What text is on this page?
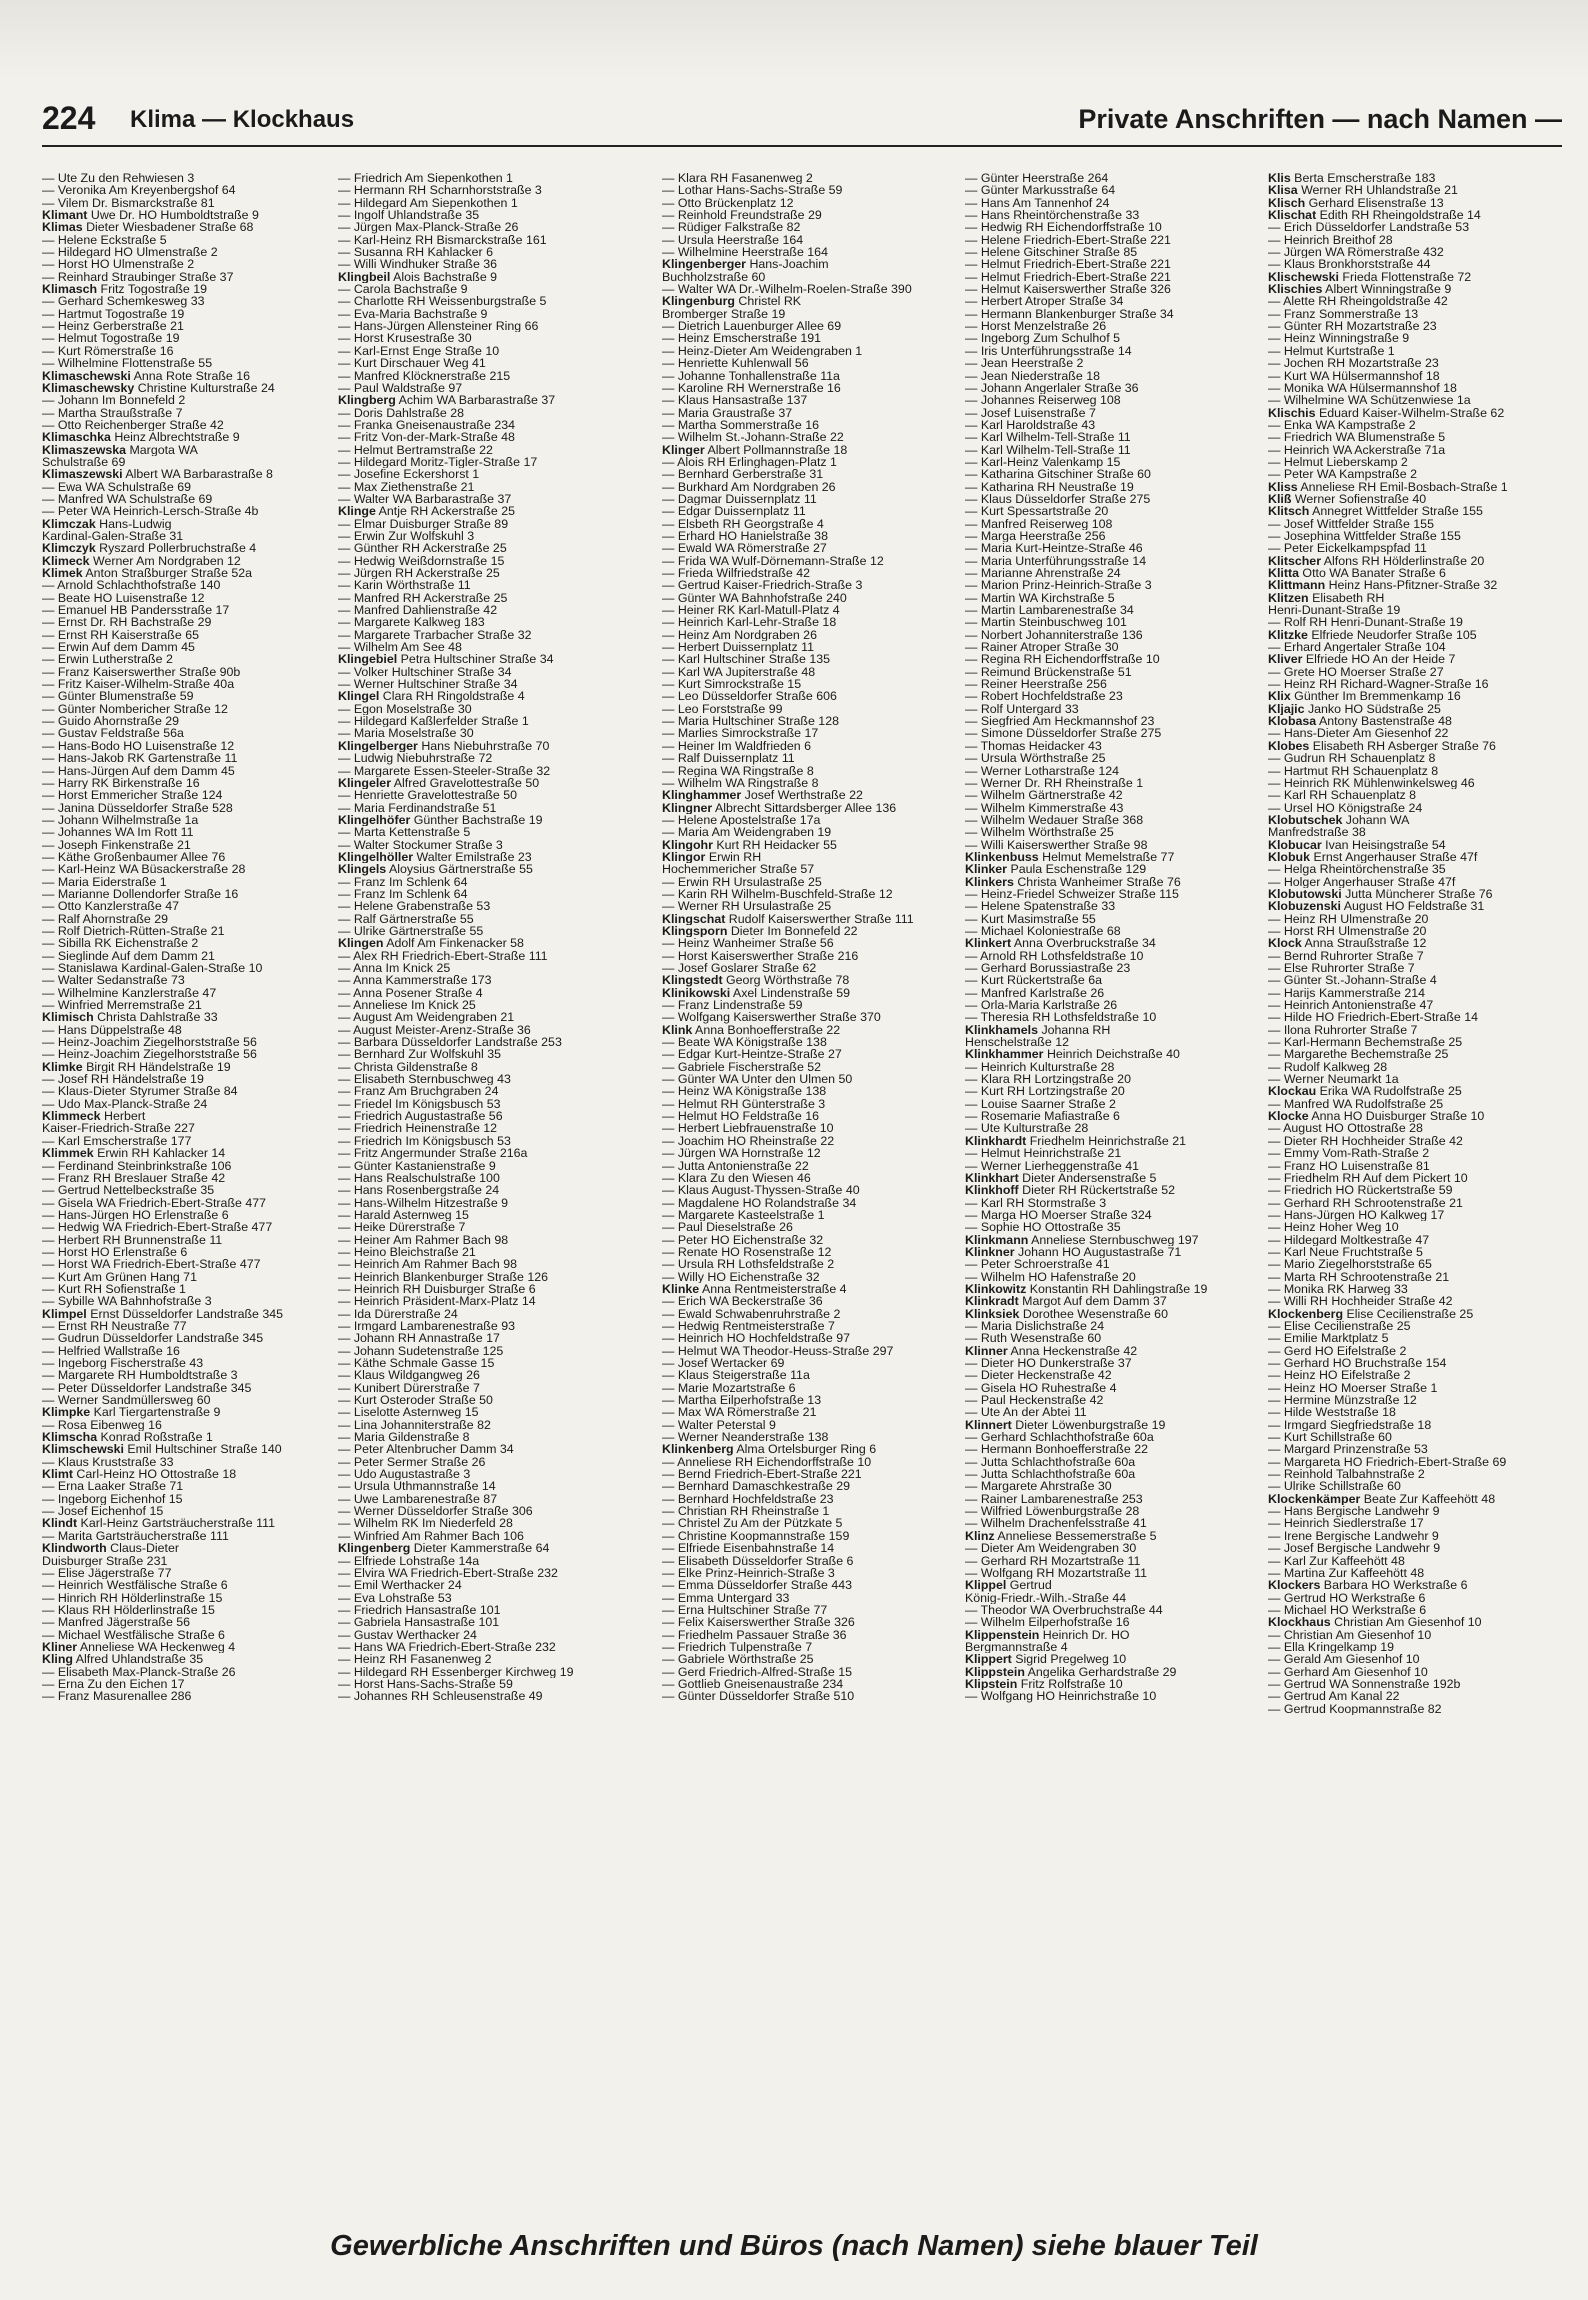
224 Klima — Klockhaus	Private Anschriften — nach Namen —
— Ute Zu den Rehwiesen 3
— Veronika Am Kreyenbergshof 64
— Vilem Dr. Bismarckstraße 81
Klimant Uwe Dr. HO Humboldtstraße 9
Klimas Dieter Wiesbadener Straße 68
— Helene Eckstraße 5
— Hildegard HO Ulmenstraße 2
— Horst HO Ulmenstraße 2
— Reinhard Straubinger Straße 37
Klimasch Fritz Togostraße 19
— Gerhard Schemkesweg 33
— Hartmut Togostraße 19
— Heinz Gerberstraße 21
— Helmut Togostraße 19
— Kurt Römerstraße 16
— Wilhelmine Flottenstraße 55
Klimaschewski Anna Rote Straße 16
Klimaschewsky Christine Kulturstraße 24
— Johann Im Bonnefeld 2
— Martha Straußstraße 7
— Otto Reichenberger Straße 42
Klimaschka Heinz Albrechtstraße 9
Klimaszewska Margota WA
Schulstraße 69
Klimaszewski Albert WA Barbarastraße 8
— Ewa WA Schulstraße 69
— Manfred WA Schulstraße 69
— Peter WA Heinrich-Lersch-Straße 4b
Klimczak Hans-Ludwig
Kardinal-Galen-Straße 31
Klimczyk Ryszard Pollerbruchstraße 4
Klimeck Werner Am Nordgraben 12
Klimek Anton Straßburger Straße 52a
— Arnold Schlachthofstraße 140
— Beate HO Luisenstraße 12
— Emanuel HB Pandersstraße 17
— Ernst Dr. RH Bachstraße 29
— Ernst RH Kaiserstraße 65
— Erwin Auf dem Damm 45
— Erwin Lutherstraße 2
— Franz Kaiserswerther Straße 90b
— Fritz Kaiser-Wilhelm-Straße 40a
— Günter Blumenstraße 59
— Günter Nombericher Straße 12
— Guido Ahornstraße 29
— Gustav Feldstraße 56a
— Hans-Bodo HO Luisenstraße 12
— Hans-Jakob RK Gartenstraße 11
— Hans-Jürgen Auf dem Damm 45
— Harry RK Birkenstraße 16
— Horst Emmericher Straße 124
— Janina Düsseldorfer Straße 528
— Johann Wilhelmstraße 1a
— Johannes WA Im Rott 11
— Joseph Finkenstraße 21
— Käthe Großenbaumer Allee 76
— Karl-Heinz WA Büsackerstraße 28
— Maria Eiderstraße 1
— Marianne Dollendorfer Straße 16
— Otto Kanzlerstraße 47
— Ralf Ahornstraße 29
— Rolf Dietrich-Rütten-Straße 21
— Sibilla RK Eichenstraße 2
— Sieglinde Auf dem Damm 21
— Stanislawa Kardinal-Galen-Straße 10
— Walter Sedanstraße 73
— Wilhelmine Kanzlerstraße 47
— Winfried Merremstraße 21
Klimisch Christa Dahlstraße 33
— Hans Düppelstraße 48
— Heinz-Joachim Ziegelhorststraße 56
— Heinz-Joachim Ziegelhorststraße 56
Klimke Birgit RH Händelstraße 19
— Josef RH Händelstraße 19
— Klaus-Dieter Styrumer Straße 84
— Udo Max-Planck-Straße 24
Klimmeck Herbert
Kaiser-Friedrich-Straße 227
— Karl Emscherstraße 177
Klimmek Erwin RH Kahlacker 14
— Ferdinand Steinbrinkstraße 106
— Franz RH Breslauer Straße 42
— Gertrud Nettelbeckstraße 35
— Gisela WA Friedrich-Ebert-Straße 477
— Hans-Jürgen HO Erlenstraße 6
— Hedwig WA Friedrich-Ebert-Straße 477
— Herbert RH Brunnenstraße 11
— Horst HO Erlenstraße 6
— Horst WA Friedrich-Ebert-Straße 477
— Kurt Am Grünen Hang 71
— Kurt RH Sofienstraße 1
— Sybille WA Bahnhofstraße 3
Klimpel Ernst Düsseldorfer Landstraße 345
— Ernst RH Neustraße 77
— Gudrun Düsseldorfer Landstraße 345
— Helfried Wallstraße 16
— Ingeborg Fischerstraße 43
— Margarete RH Humboldtstraße 3
— Peter Düsseldorfer Landstraße 345
— Werner Sandmüllersweg 60
Klimpke Karl Tiergartenstraße 9
— Rosa Eibenweg 16
Klimscha Konrad Roßstraße 1
Klimschewski Emil Hultschiner Straße 140
— Klaus Kruststraße 33
Klimt Carl-Heinz HO Ottostraße 18
— Erna Laaker Straße 71
— Ingeborg Eichenhof 15
— Josef Eichenhof 15
Klindt Karl-Heinz Gartsträucherstraße 111
— Marita Gartsträucherstraße 111
Klindworth Claus-Dieter
Duisburger Straße 231
— Elise Jägerstraße 77
— Heinrich Westfälische Straße 6
— Hinrich RH Hölderlinstraße 15
— Klaus RH Hölderlinstraße 15
— Manfred Jägerstraße 56
— Michael Westfälische Straße 6
Kliner Anneliese WA Heckenweg 4
Kling Alfred Uhlandstraße 35
— Elisabeth Max-Planck-Straße 26
— Erna Zu den Eichen 17
— Franz Masurenallee 286
— Friedrich Am Siepenkothen 1
— Hermann RH Scharnhorststraße 3
— Hildegard Am Siepenkothen 1
— Ingolf Uhlandstraße 35
— Jürgen Max-Planck-Straße 26
— Karl-Heinz RH Bismarckstraße 161
— Susanna RH Kahlacker 6
— Willi Windhuker Straße 36
Klingbeil Alois Bachstraße 9
— Carola Bachstraße 9
— Charlotte RH Weissenburgstraße 5
— Eva-Maria Bachstraße 9
— Hans-Jürgen Allensteiner Ring 66
— Horst Krusestraße 30
— Karl-Ernst Enge Straße 10
— Kurt Dirschauer Weg 41
— Manfred Klöcknerstraße 215
— Paul Waldstraße 97
Klingberg Achim WA Barbarastraße 37
— Doris Dahlstraße 28
— Franka Gneisenaustraße 234
— Fritz Von-der-Mark-Straße 48
— Helmut Bertramstraße 22
— Hildegard Moritz-Tigler-Straße 17
— Josefine Eckershorst 1
— Max Ziethenstraße 21
— Walter WA Barbarastraße 37
Klinge Antje RH Ackerstraße 25
— Elmar Duisburger Straße 89
— Erwin Zur Wolfskuhl 3
— Günther RH Ackerstraße 25
— Hedwig Weißdornstraße 15
— Jürgen RH Ackerstraße 25
— Karin Wörthstraße 11
— Manfred RH Ackerstraße 25
— Manfred Dahlienstraße 42
— Margarete Kalkweg 183
— Margarete Trarbacher Straße 32
— Wilhelm Am See 48
Klingebiel Petra Hultschiner Straße 34
— Volker Hultschiner Straße 34
— Werner Hultschiner Straße 34
Klingel Clara RH Ringoldstraße 4
— Egon Moselstraße 30
— Hildegard Kaßlerfelder Straße 1
— Maria Moselstraße 30
Klingelberger Hans Niebuhrstraße 70
— Ludwig Niebuhrstraße 72
— Margarete Essen-Steeler-Straße 32
Klingeler Alfred Gravelottestraße 50
— Henriette Gravelottestraße 50
— Maria Ferdinandstraße 51
Klingelhöfer Günther Bachstraße 19
— Marta Kettenstraße 5
— Walter Stockumer Straße 3
Klingelhöller Walter Emilstraße 23
Klingels Aloysius Gärtnerstraße 55
— Franz Im Schlenk 64
— Franz Im Schlenk 64
— Helene Grabenstraße 53
— Ralf Gärtnerstraße 55
— Ulrike Gärtnerstraße 55
Klingen Adolf Am Finkenacker 58
— Alex RH Friedrich-Ebert-Straße 111
— Anna Im Knick 25
— Anna Kammerstraße 173
— Anna Posener Straße 4
— Anneliese Im Knick 25
— August Am Weidengraben 21
— August Meister-Arenz-Straße 36
— Barbara Düsseldorfer Landstraße 253
— Bernhard Zur Wolfskuhl 35
— Christa Gildenstraße 8
— Elisabeth Sternbuschweg 43
— Franz Am Bruchgraben 24
— Friedel Im Königsbusch 53
— Friedrich Augustastraße 56
— Friedrich Heinenstraße 12
— Friedrich Im Königsbusch 53
— Fritz Angermunder Straße 216a
— Günter Kastanienstraße 9
— Hans Realschulstraße 100
— Hans Rosenbergstraße 24
— Hans-Wilhelm Hitzestraße 9
— Harald Asternweg 15
— Heike Dürerstraße 7
— Heiner Am Rahmer Bach 98
— Heino Bleichstraße 21
— Heinrich Am Rahmer Bach 98
— Heinrich Blankenburger Straße 126
— Heinrich RH Duisburger Straße 6
— Heinrich Präsident-Marx-Platz 14
— Ida Dürerstraße 24
— Irmgard Lambarenestraße 93
— Johann RH Annastraße 17
— Johann Sudetenstraße 125
— Käthe Schmale Gasse 15
— Klaus Wildgangweg 26
— Kunibert Dürerstraße 7
— Kurt Osteroder Straße 50
— Liselotte Asternweg 15
— Lina Johanniterstraße 82
— Maria Gildenstraße 8
— Peter Altenbrucher Damm 34
— Peter Sermer Straße 26
— Udo Augustastraße 3
— Ursula Uthmannstraße 14
— Uwe Lambarenestraße 87
— Werner Düsseldorfer Straße 306
— Wilhelm RK Im Niederfeld 28
— Winfried Am Rahmer Bach 106
Klingenberg Dieter Kammerstraße 64
— Elfriede Lohstraße 14a
— Elvira WA Friedrich-Ebert-Straße 232
— Emil Werthacker 24
— Eva Lohstraße 53
— Friedrich Hansastraße 101
— Gabriela Hansastraße 101
— Gustav Werthacker 24
— Hans WA Friedrich-Ebert-Straße 232
— Heinz RH Fasanenweg 2
— Hildegard RH Essenberger Kirchweg 19
— Horst Hans-Sachs-Straße 59
— Johannes RH Schleusenstraße 49
— Klara RH Fasanenweg 2
— Lothar Hans-Sachs-Straße 59
— Otto Brückenplatz 12
— Reinhold Freundstraße 29
— Rüdiger Falkstraße 82
— Ursula Heerstraße 164
— Wilhelmine Heerstraße 164
Klingenberger Hans-Joachim
Buchholzstraße 60
— Walter WA Dr.-Wilhelm-Roelen-Straße 390
Klingenburg Christel RK
Bromberger Straße 19
— Dietrich Lauenburger Allee 69
— Heinz Emscherstraße 191
— Heinz-Dieter Am Weidengraben 1
— Henriette Kuhlenwall 56
— Johanne Tonhallenstraße 11a
— Karoline RH Wernerstraße 16
— Klaus Hansastraße 137
— Maria Graustraße 37
— Martha Sommerstraße 16
— Wilhelm St.-Johann-Straße 22
Klinger Albert Pollmannstraße 18
— Alois RH Erlinghagen-Platz 1
— Bernhard Gerberstraße 31
— Burkhard Am Nordgraben 26
— Dagmar Duissernplatz 11
— Edgar Duissernplatz 11
— Elsbeth RH Georgstraße 4
— Erhard HO Hanielstraße 38
— Ewald WA Römerstraße 27
— Frida WA Wulf-Dörnemann-Straße 12
— Frieda Wilfriedstraße 42
— Gertrud Kaiser-Friedrich-Straße 3
— Günter WA Bahnhofstraße 240
— Heiner RK Karl-Matull-Platz 4
— Heinrich Karl-Lehr-Straße 18
— Heinz Am Nordgraben 26
— Herbert Duissernplatz 11
— Karl Hultschiner Straße 135
— Karl WA Jupiterstraße 48
— Kurt Simrockstraße 15
— Leo Düsseldorfer Straße 606
— Leo Forststraße 99
— Maria Hultschiner Straße 128
— Marlies Simrockstraße 17
— Heiner Im Waldfrieden 6
— Ralf Duissernplatz 11
— Regina WA Ringstraße 8
— Wilhelm WA Ringstraße 8
Klinghammer Josef Werthstraße 22
Klingner Albrecht Sittardsberger Allee 136
— Helene Apostelstraße 17a
— Maria Am Weidengraben 19
Klingohr Kurt RH Heidacker 55
Klingor Erwin RH
Hochemmericher Straße 57
— Erwin RH Ursulastraße 25
— Karin RH Wilhelm-Buschfeld-Straße 12
— Werner RH Ursulastraße 25
Klingschat Rudolf Kaiserswerther Straße 111
Klingsporn Dieter Im Bonnefeld 22
— Heinz Wanheimer Straße 56
— Horst Kaiserswerther Straße 216
— Josef Goslarer Straße 62
Klingstedt Georg Wörthstraße 78
Klinikowski Axel Lindenstraße 59
— Franz Lindenstraße 59
— Wolfgang Kaiserswerther Straße 370
Klink Anna Bonhoefferstraße 22
— Beate WA Königstraße 138
— Edgar Kurt-Heintze-Straße 27
— Gabriele Fischerstraße 52
— Günter WA Unter den Ulmen 50
— Heinz WA Königstraße 138
— Helmut RH Günterstraße 3
— Helmut HO Feldstraße 16
— Herbert Liebfrauenstraße 10
— Joachim HO Rheinstraße 22
— Jürgen WA Hornstraße 12
— Jutta Antonienstraße 22
— Klara Zu den Wiesen 46
— Klaus August-Thyssen-Straße 40
— Magdalene HO Rolandstraße 34
— Margarete Kasteelstraße 1
— Paul Dieselstraße 26
— Peter HO Eichenstraße 32
— Renate HO Rosenstraße 12
— Ursula RH Lothsfeldstraße 2
— Willy HO Eichenstraße 32
Klinke Anna Rentmeisterstraße 4
— Erich WA Beckerstraße 36
— Ewald Schwabenruhrstraße 2
— Hedwig Rentmeisterstraße 7
— Heinrich HO Hochfeldstraße 97
— Helmut WA Theodor-Heuss-Straße 297
— Josef Wertacker 69
— Klaus Steigerstraße 11a
— Marie Mozartstraße 6
— Martha Eilperhofstraße 13
— Max WA Römerstraße 21
— Walter Peterstal 9
— Werner Neanderstraße 138
Klinkenberg Alma Ortelsburger Ring 6
— Anneliese RH Eichendorffstraße 10
— Bernd Friedrich-Ebert-Straße 221
— Bernhard Damaschkestraße 29
— Bernhard Hochfeldstraße 23
— Christian RH Rheinstraße 1
— Christel Zu Am der Pützkate 5
— Christine Koopmannstraße 159
— Elfriede Eisenbahnstraße 14
— Elisabeth Düsseldorfer Straße 6
— Elke Prinz-Heinrich-Straße 3
— Emma Düsseldorfer Straße 443
— Emma Untergard 33
— Erna Hultschiner Straße 77
— Felix Kaiserswerther Straße 326
— Friedhelm Passauer Straße 36
— Friedrich Tulpenstraße 7
— Gabriele Wörthstraße 25
— Gerd Friedrich-Alfred-Straße 15
— Gottlieb Gneisenaustraße 234
— Günter Düsseldorfer Straße 510
— Günter Heerstraße 264
— Günter Markusstraße 64
— Hans Am Tannenhof 24
— Hans Rheintörchenstraße 33
— Hedwig RH Eichendorffstraße 10
— Helene Friedrich-Ebert-Straße 221
— Helene Gitschiner Straße 85
— Helmut Friedrich-Ebert-Straße 221
— Helmut Friedrich-Ebert-Straße 221
— Helmut Kaiserswerther Straße 326
— Herbert Atroper Straße 34
— Hermann Blankenburger Straße 34
— Horst Menzelstraße 26
— Ingeborg Zum Schulhof 5
— Iris Unterführungsstraße 14
— Jean Heerstraße 2
— Jean Niederstraße 18
— Johann Angerlaler Straße 36
— Johannes Reiserweg 108
— Josef Luisenstraße 7
— Karl Haroldstraße 43
— Karl Wilhelm-Tell-Straße 11
— Karl Wilhelm-Tell-Straße 11
— Karl-Heinz Valenkamp 15
— Katharina Gitschiner Straße 60
— Katharina RH Neustraße 19
— Klaus Düsseldorfer Straße 275
— Kurt Spessartstraße 20
— Manfred Reiserweg 108
— Marga Heerstraße 256
— Maria Kurt-Heintze-Straße 46
— Maria Unterführungsstraße 14
— Marianne Ahrenstraße 24
— Marion Prinz-Heinrich-Straße 3
— Martin WA Kirchstraße 5
— Martin Lambarenestraße 34
— Martin Steinbuschweg 101
— Norbert Johanniterstraße 136
— Rainer Atroper Straße 30
— Regina RH Eichendorffstraße 10
— Reimund Brückenstraße 51
— Reiner Heerstraße 256
— Robert Hochfeldstraße 23
— Rolf Untergard 33
— Siegfried Am Heckmannshof 23
— Simone Düsseldorfer Straße 275
— Thomas Heidacker 43
— Ursula Wörthstraße 25
— Werner Lotharstraße 124
— Werner Dr. RH Rheinstraße 1
— Wilhelm Gärtnerstraße 42
— Wilhelm Kimmerstraße 43
— Wilhelm Wedauer Straße 368
— Wilhelm Wörthstraße 25
— Willi Kaiserswerther Straße 98
Klinkenbuss Helmut Memelstraße 77
Klinker Paula Eschenstraße 129
Klinkers Christa Wanheimer Straße 76
— Heinz-Friedel Schweizer Straße 115
— Helene Spatenstraße 33
— Kurt Masimstraße 55
— Michael Koloniestraße 68
Klinkert Anna Overbruckstraße 34
— Arnold RH Lothsfeldstraße 10
— Gerhard Borussiastraße 23
— Kurt Rückertstraße 6a
— Manfred Karlstraße 26
— Orla-Maria Karlstraße 26
— Theresia RH Lothsfeldstraße 10
Klinkhamels Johanna RH
Henschelstraße 12
Klinkhammer Heinrich Deichstraße 40
— Heinrich Kulturstraße 28
— Klara RH Lortzingstraße 20
— Kurt RH Lortzingstraße 20
— Louise Saarner Straße 2
— Rosemarie Mafiastraße 6
— Ute Kulturstraße 28
Klinkhardt Friedhelm Heinrichstraße 21
— Helmut Heinrichstraße 21
— Werner Lierheggenstraße 41
Klinkhart Dieter Andersenstraße 5
Klinkhoff Dieter RH Rückertstraße 52
— Karl RH Stormstraße 3
— Marga HO Moerser Straße 324
— Sophie HO Ottostraße 35
Klinkmann Anneliese Sternbuschweg 197
Klinkner Johann HO Augustastraße 71
— Peter Schroerstraße 41
— Wilhelm HO Hafenstraße 20
Klinkowitz Konstantin RH Dahlingstraße 19
Klinkradt Margot Auf dem Damm 37
Klinksiek Dorothee Wesenstraße 60
— Maria Dislichstraße 24
— Ruth Wesenstraße 60
Klinner Anna Heckenstraße 42
— Dieter HO Dunkerstraße 37
— Dieter Heckenstraße 42
— Gisela HO Ruhestraße 4
— Paul Heckenstraße 42
— Ute An der Abtei 11
Klinnert Dieter Löwenburgstraße 19
— Gerhard Schlachthofstraße 60a
— Hermann Bonhoefferstraße 22
— Jutta Schlachthofstraße 60a
— Jutta Schlachthofstraße 60a
— Margarete Ahrstraße 30
— Rainer Lambarenestraße 253
— Wilfried Löwenburgstraße 28
— Wilhelm Drachenfelsstraße 41
Klinz Anneliese Bessemerstraße 5
— Dieter Am Weidengraben 30
— Gerhard RH Mozartstraße 11
— Wolfgang RH Mozartstraße 11
Klippel Gertrud
König-Friedr.-Wilh.-Straße 44
— Theodor WA Overbruchstraße 44
— Wilhelm Eilperhofstraße 16
Klippenstein Heinrich Dr. HO
Bergmannstraße 4
Klippert Sigrid Pregelweg 10
Klippstein Angelika Gerhardstraße 29
Klipstein Fritz Rolfstraße 10
— Wolfgang HO Heinrichstraße 10
Klis Berta Emscherstraße 183
Klisa Werner RH Uhlandstraße 21
Klisch Gerhard Elisenstraße 13
Klischat Edith RH Rheingoldstraße 14
— Erich Düsseldorfer Landstraße 53
— Heinrich Breithof 28
— Jürgen WA Römerstraße 432
— Klaus Bronkhorststraße 44
Klischewski Frieda Flottenstraße 72
Klischies Albert Winningstraße 9
— Alette RH Rheingoldstraße 42
— Franz Sommerstraße 13
— Günter RH Mozartstraße 23
— Heinz Winningstraße 9
— Helmut Kurtstraße 1
— Jochen RH Mozartstraße 23
— Kurt WA Hülsermannshof 18
— Monika WA Hülsermannshof 18
— Wilhelmine WA Schützenwiese 1a
Klischis Eduard Kaiser-Wilhelm-Straße 62
— Enka WA Kampstraße 2
— Friedrich WA Blumenstraße 5
— Heinrich WA Ackerstraße 71a
— Helmut Lieberskamp 2
— Peter WA Kampstraße 2
Kliss Anneliese RH Emil-Bosbach-Straße 1
Kliß Werner Sofienstraße 40
Klitsch Annegret Wittfelder Straße 155
— Josef Wittfelder Straße 155
— Josephina Wittfelder Straße 155
— Peter Eickelkampspfad 11
Klitscher Alfons RH Hölderlinstraße 20
Klitta Otto WA Banater Straße 6
Klittmann Heinz Hans-Pfitzner-Straße 32
Klitzen Elisabeth RH
Henri-Dunant-Straße 19
— Rolf RH Henri-Dunant-Straße 19
Klitzke Elfriede Neudorfer Straße 105
— Erhard Angertaler Straße 104
Kliver Elfriede HO An der Heide 7
— Grete HO Moerser Straße 27
— Heinz RH Richard-Wagner-Straße 16
Klix Günther Im Bremmenkamp 16
Kljajic Janko HO Südstraße 25
Klobasa Antony Bastenstraße 48
— Hans-Dieter Am Giesenhof 22
Klobes Elisabeth RH Asberger Straße 76
— Gudrun RH Schauenplatz 8
— Hartmut RH Schauenplatz 8
— Heinrich RK Mühlenwinkelsweg 46
— Karl RH Schauenplatz 8
— Ursel HO Königstraße 24
Klobutschek Johann WA
Manfredstraße 38
Klobucar Ivan Heisingstraße 54
Klobuk Ernst Angerhauser Straße 47f
— Helga Rheintörchenstraße 35
— Holger Angerhauser Straße 47f
Klobutowski Jutta Müncherer Straße 76
Klobuzenski August HO Feldstraße 31
— Heinz RH Ulmenstraße 20
— Horst RH Ulmenstraße 20
Klock Anna Straußstraße 12
— Bernd Ruhrorter Straße 7
— Else Ruhrorter Straße 7
— Günter St.-Johann-Straße 4
— Harijs Kammerstraße 214
— Heinrich Antonienstraße 47
— Hilde HO Friedrich-Ebert-Straße 14
— Ilona Ruhrorter Straße 7
— Karl-Hermann Bechemstraße 25
— Margarethe Bechemstraße 25
— Rudolf Kalkweg 28
— Werner Neumarkt 1a
Klockau Erika WA Rudolfstraße 25
— Manfred WA Rudolfstraße 25
Klocke Anna HO Duisburger Straße 10
— August HO Ottostraße 28
— Dieter RH Hochheider Straße 42
— Emmy Vom-Rath-Straße 2
— Franz HO Luisenstraße 81
— Friedhelm RH Auf dem Pickert 10
— Friedrich HO Rückertstraße 59
— Gerhard RH Schrootenstraße 21
— Hans-Jürgen HO Kalkweg 17
— Heinz Hoher Weg 10
— Hildegard Moltkestraße 47
— Karl Neue Fruchtstraße 5
— Mario Ziegelhorststraße 65
— Marta RH Schrootenstraße 21
— Monika RK Harweg 33
— Willi RH Hochheider Straße 42
Klockenberg Elise Cecilienstraße 25
— Elise Cecilienstraße 25
— Emilie Marktplatz 5
— Gerd HO Eifelstraße 2
— Gerhard HO Bruchstraße 154
— Heinz HO Eifelstraße 2
— Heinz HO Moerser Straße 1
— Hermine Münzstraße 12
— Hilde Weststraße 18
— Irmgard Siegfriedstraße 18
— Kurt Schillstraße 60
— Margard Prinzenstraße 53
— Margareta HO Friedrich-Ebert-Straße 69
— Reinhold Talbahnstraße 2
— Ulrike Schillstraße 60
Klockenkämper Beate Zur Kaffeehött 48
— Hans Bergische Landwehr 9
— Heinrich Siedlerstraße 17
— Irene Bergische Landwehr 9
— Josef Bergische Landwehr 9
— Karl Zur Kaffeehött 48
— Martina Zur Kaffeehött 48
Klockers Barbara HO Werkstraße 6
— Gertrud HO Werkstraße 6
— Michael HO Werkstraße 6
Klockhaus Christian Am Giesenhof 10
— Christian Am Giesenhof 10
— Ella Kringelkamp 19
— Gerald Am Giesenhof 10
— Gerhard Am Giesenhof 10
— Gertrud WA Sonnenstraße 192b
— Gertrud Am Kanal 22
— Gertrud Koopmannstraße 82
Gewerbliche Anschriften und Büros (nach Namen) siehe blauer Teil
